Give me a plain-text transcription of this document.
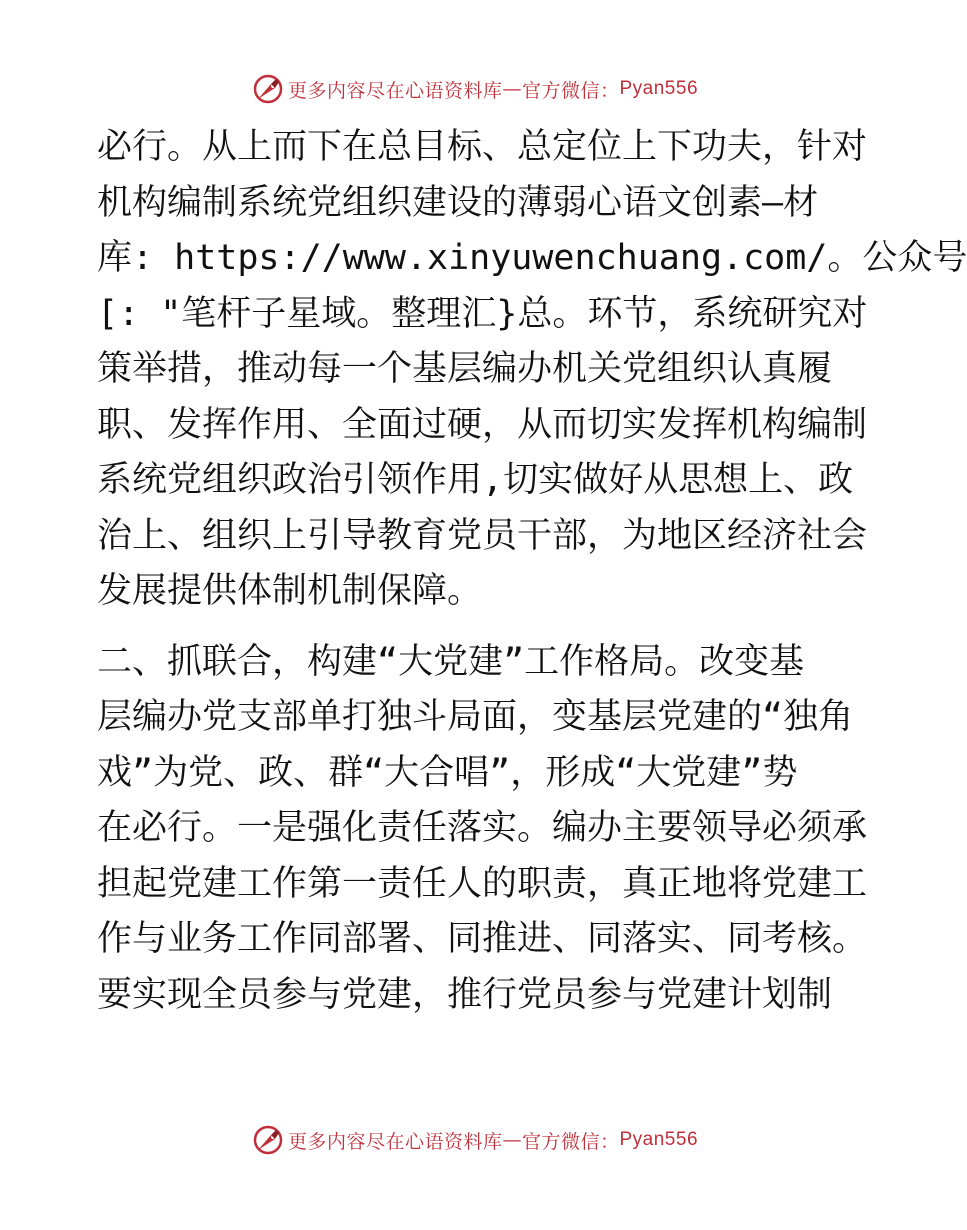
更多内容尽在心语资料库 — 官方微信： Pyan556
必行。从上而下在总目标、总定位上下功夫，针对
机构编制系统党组织建设的薄弱心语文创素—材
库: https://www.xinyuwenchuang.com/。公众号
[: "笔杆子星域。整理汇}总。环节，系统研究对
策举措，推动每一个基层编办机关党组织认真履
职、发挥作用、全面过硬，从而切实发挥机构编制
系统党组织政治引领作用,切实做好从思想上、政
治上、组织上引导教育党员干部，为地区经济社会
发展提供体制机制保障。
二、抓联合，构建“大党建”工作格局。改变基
层编办党支部单打独斗局面，变基层党建的“独角
戏”为党、政、群“大合唱”，形成“大党建”势
在必行。一是强化责任落实。编办主要领导必须承
担起党建工作第一责任人的职责，真正地将党建工
作与业务工作同部署、同推进、同落实、同考核。
要实现全员参与党建，推行党员参与党建计划制
更多内容尽在心语资料库 — 官方微信： Pyan556
